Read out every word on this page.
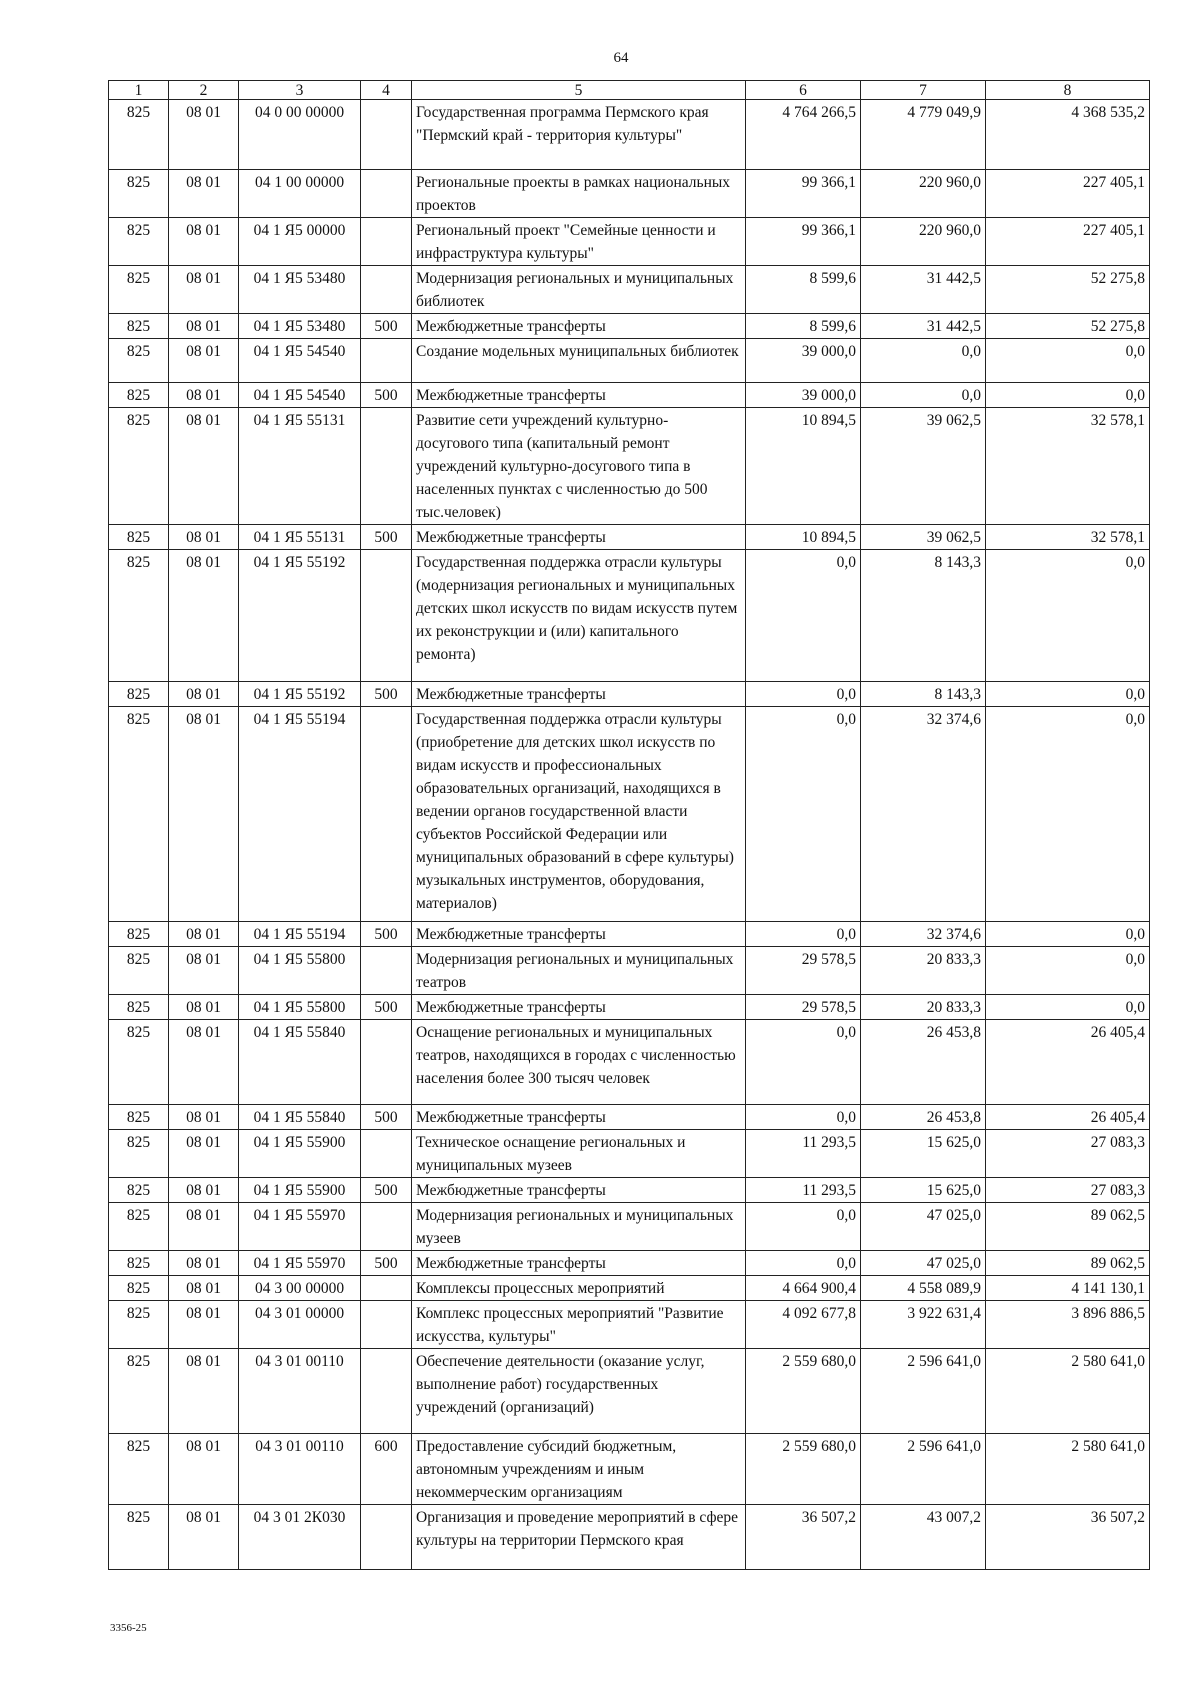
64
1	2	3	4	5	6	7	8
825	08 01	04 0 00 00000		Государственная программа Пермского края "Пермский край - территория культуры"	4 764 266,5	4 779 049,9	4 368 535,2
825	08 01	04 1 00 00000		Региональные проекты в рамках национальных проектов	99 366,1	220 960,0	227 405,1
825	08 01	04 1 Я5 00000		Региональный проект "Семейные ценности и инфраструктура культуры"	99 366,1	220 960,0	227 405,1
825	08 01	04 1 Я5 53480		Модернизация региональных и муниципальных библиотек	8 599,6	31 442,5	52 275,8
825	08 01	04 1 Я5 53480	500	Межбюджетные трансферты	8 599,6	31 442,5	52 275,8
825	08 01	04 1 Я5 54540		Создание модельных муниципальных библиотек	39 000,0	0,0	0,0
825	08 01	04 1 Я5 54540	500	Межбюджетные трансферты	39 000,0	0,0	0,0
825	08 01	04 1 Я5 55131		Развитие сети учреждений культурно-досугового типа (капитальный ремонт учреждений культурно-досугового типа в населенных пунктах с численностью до 500 тыс.человек)	10 894,5	39 062,5	32 578,1
825	08 01	04 1 Я5 55131	500	Межбюджетные трансферты	10 894,5	39 062,5	32 578,1
825	08 01	04 1 Я5 55192		Государственная поддержка отрасли культуры (модернизация региональных и муниципальных детских школ искусств по видам искусств путем их реконструкции и (или) капитального ремонта)	0,0	8 143,3	0,0
825	08 01	04 1 Я5 55192	500	Межбюджетные трансферты	0,0	8 143,3	0,0
825	08 01	04 1 Я5 55194		Государственная поддержка отрасли культуры (приобретение для детских школ искусств по видам искусств и профессиональных образовательных организаций, находящихся в ведении органов государственной власти субъектов Российской Федерации или муниципальных образований в сфере культуры) музыкальных инструментов, оборудования, материалов)	0,0	32 374,6	0,0
825	08 01	04 1 Я5 55194	500	Межбюджетные трансферты	0,0	32 374,6	0,0
825	08 01	04 1 Я5 55800		Модернизация региональных и муниципальных театров	29 578,5	20 833,3	0,0
825	08 01	04 1 Я5 55800	500	Межбюджетные трансферты	29 578,5	20 833,3	0,0
825	08 01	04 1 Я5 55840		Оснащение региональных и муниципальных театров, находящихся в городах с численностью населения более 300 тысяч человек	0,0	26 453,8	26 405,4
825	08 01	04 1 Я5 55840	500	Межбюджетные трансферты	0,0	26 453,8	26 405,4
825	08 01	04 1 Я5 55900		Техническое оснащение региональных и муниципальных музеев	11 293,5	15 625,0	27 083,3
825	08 01	04 1 Я5 55900	500	Межбюджетные трансферты	11 293,5	15 625,0	27 083,3
825	08 01	04 1 Я5 55970		Модернизация региональных и муниципальных музеев	0,0	47 025,0	89 062,5
825	08 01	04 1 Я5 55970	500	Межбюджетные трансферты	0,0	47 025,0	89 062,5
825	08 01	04 3 00 00000		Комплексы процессных мероприятий	4 664 900,4	4 558 089,9	4 141 130,1
825	08 01	04 3 01 00000		Комплекс процессных мероприятий "Развитие искусства, культуры"	4 092 677,8	3 922 631,4	3 896 886,5
825	08 01	04 3 01 00110		Обеспечение деятельности (оказание услуг, выполнение работ) государственных учреждений (организаций)	2 559 680,0	2 596 641,0	2 580 641,0
825	08 01	04 3 01 00110	600	Предоставление субсидий бюджетным, автономным учреждениям и иным некоммерческим организациям	2 559 680,0	2 596 641,0	2 580 641,0
825	08 01	04 3 01 2К030		Организация и проведение мероприятий в сфере культуры на территории Пермского края	36 507,2	43 007,2	36 507,2
3356-25
